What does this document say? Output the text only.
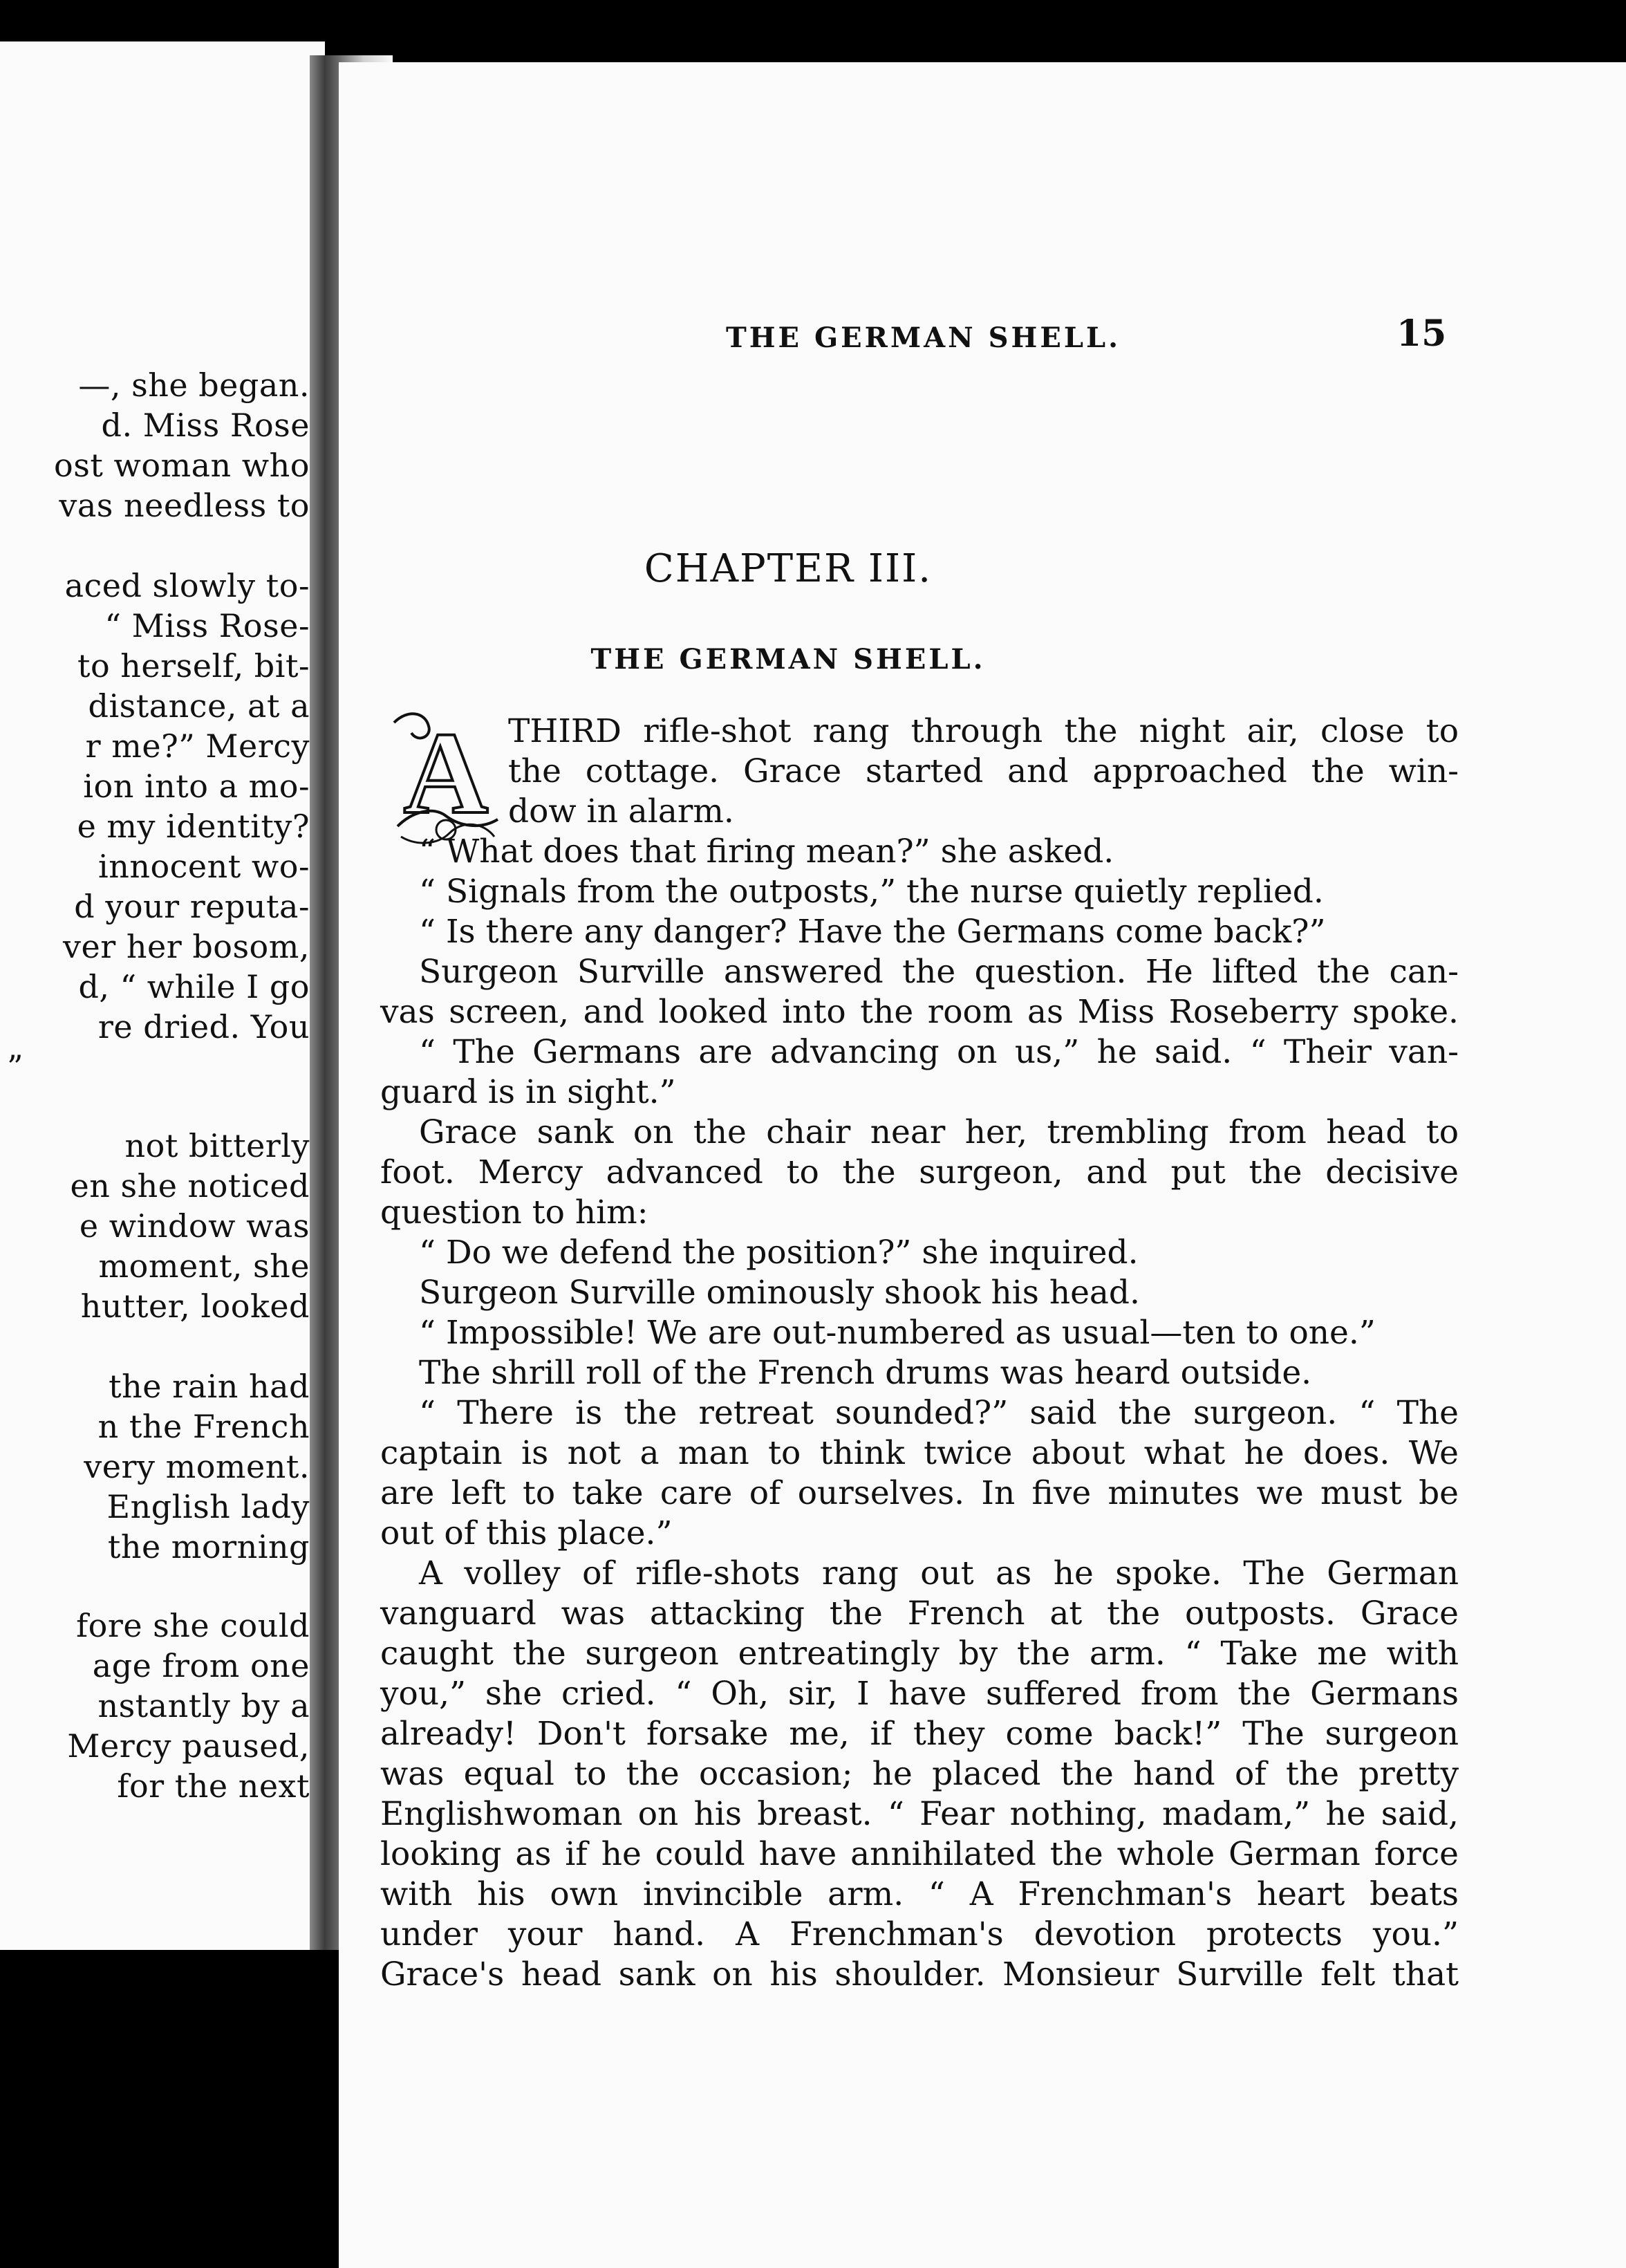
—, she began.
d. Miss Rose
ost woman who
vas needless to
aced slowly to-
“ Miss Rose-
to herself, bit-
distance, at a
r me?” Mercy
ion into a mo-
e my identity?
innocent wo-
d your reputa-
ver her bosom,
d, “ while I go
re dried. You
”
not bitterly
en she noticed
e window was
moment, she
hutter, looked
the rain had
n the French
very moment.
English lady
the morning
fore she could
age from one
nstantly by a
Mercy paused,
for the next
THE GERMAN SHELL.	15
CHAPTER III.
THE GERMAN SHELL.
A THIRD rifle-shot rang through the night air, close to
the cottage. Grace started and approached the win-
dow in alarm.
“ What does that firing mean?” she asked.
“ Signals from the outposts,” the nurse quietly replied.
“ Is there any danger? Have the Germans come back?”
Surgeon Surville answered the question. He lifted the can-
vas screen, and looked into the room as Miss Roseberry spoke.
“ The Germans are advancing on us,” he said. “ Their van-
guard is in sight.”
Grace sank on the chair near her, trembling from head to
foot. Mercy advanced to the surgeon, and put the decisive
question to him:
“ Do we defend the position?” she inquired.
Surgeon Surville ominously shook his head.
“ Impossible! We are out-numbered as usual—ten to one.”
The shrill roll of the French drums was heard outside.
“ There is the retreat sounded?” said the surgeon. “ The
captain is not a man to think twice about what he does. We
are left to take care of ourselves. In five minutes we must be
out of this place.”
A volley of rifle-shots rang out as he spoke. The German
vanguard was attacking the French at the outposts. Grace
caught the surgeon entreatingly by the arm. “ Take me with
you,” she cried. “ Oh, sir, I have suffered from the Germans
already! Don't forsake me, if they come back!” The surgeon
was equal to the occasion; he placed the hand of the pretty
Englishwoman on his breast. “ Fear nothing, madam,” he said,
looking as if he could have annihilated the whole German force
with his own invincible arm. “ A Frenchman's heart beats
under your hand. A Frenchman's devotion protects you.”
Grace's head sank on his shoulder. Monsieur Surville felt that
